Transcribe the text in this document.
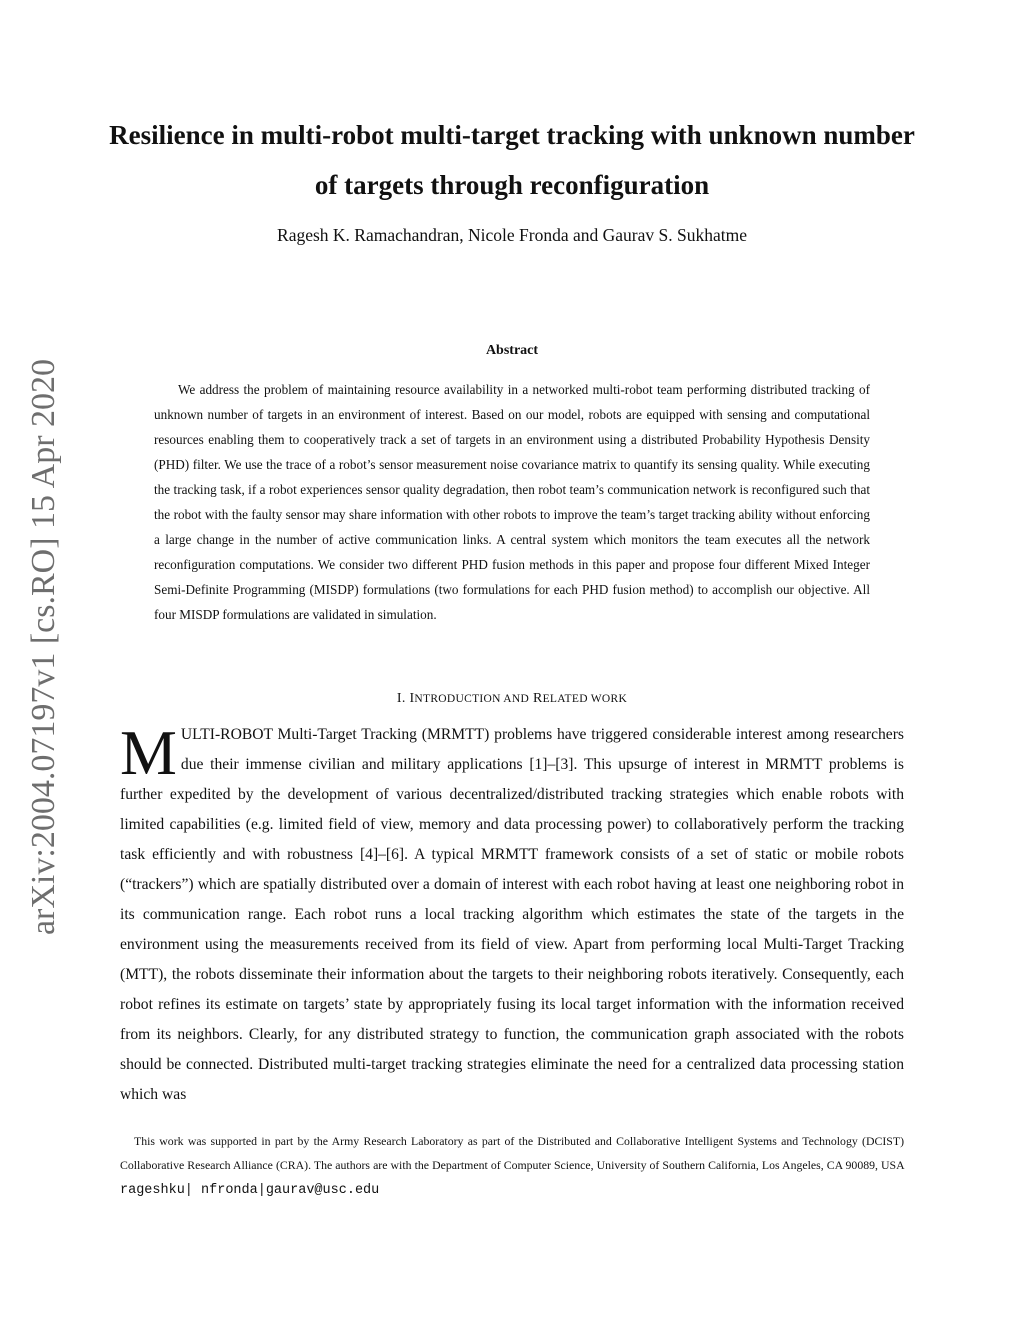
Resilience in multi-robot multi-target tracking with unknown number of targets through reconfiguration
Ragesh K. Ramachandran, Nicole Fronda and Gaurav S. Sukhatme
Abstract

We address the problem of maintaining resource availability in a networked multi-robot team performing distributed tracking of unknown number of targets in an environment of interest. Based on our model, robots are equipped with sensing and computational resources enabling them to cooperatively track a set of targets in an environment using a distributed Probability Hypothesis Density (PHD) filter. We use the trace of a robot’s sensor measurement noise covariance matrix to quantify its sensing quality. While executing the tracking task, if a robot experiences sensor quality degradation, then robot team’s communication network is reconfigured such that the robot with the faulty sensor may share information with other robots to improve the team’s target tracking ability without enforcing a large change in the number of active communication links. A central system which monitors the team executes all the network reconfiguration computations. We consider two different PHD fusion methods in this paper and propose four different Mixed Integer Semi-Definite Programming (MISDP) formulations (two formulations for each PHD fusion method) to accomplish our objective. All four MISDP formulations are validated in simulation.

I. INTRODUCTION AND RELATED WORK

MULTI-ROBOT Multi-Target Tracking (MRMTT) problems have triggered considerable interest among researchers due their immense civilian and military applications [1]–[3]. This upsurge of interest in MRMTT problems is further expedited by the development of various decentralized/distributed tracking strategies which enable robots with limited capabilities (e.g. limited field of view, memory and data processing power) to collaboratively perform the tracking task efficiently and with robustness [4]–[6]. A typical MRMTT framework consists of a set of static or mobile robots (“trackers”) which are spatially distributed over a domain of interest with each robot having at least one neighboring robot in its communication range. Each robot runs a local tracking algorithm which estimates the state of the targets in the environment using the measurements received from its field of view. Apart from performing local Multi-Target Tracking (MTT), the robots disseminate their information about the targets to their neighboring robots iteratively. Consequently, each robot refines its estimate on targets’ state by appropriately fusing its local target information with the information received from its neighbors. Clearly, for any distributed strategy to function, the communication graph associated with the robots should be connected. Distributed multi-target tracking strategies eliminate the need for a centralized data processing station which was

This work was supported in part by the Army Research Laboratory as part of the Distributed and Collaborative Intelligent Systems and Technology (DCIST) Collaborative Research Alliance (CRA). The authors are with the Department of Computer Science, University of Southern California, Los Angeles, CA 90089, USA rageshku| nfronda|gaurav@usc.edu

arXiv:2004.07197v1 [cs.RO] 15 Apr 2020
